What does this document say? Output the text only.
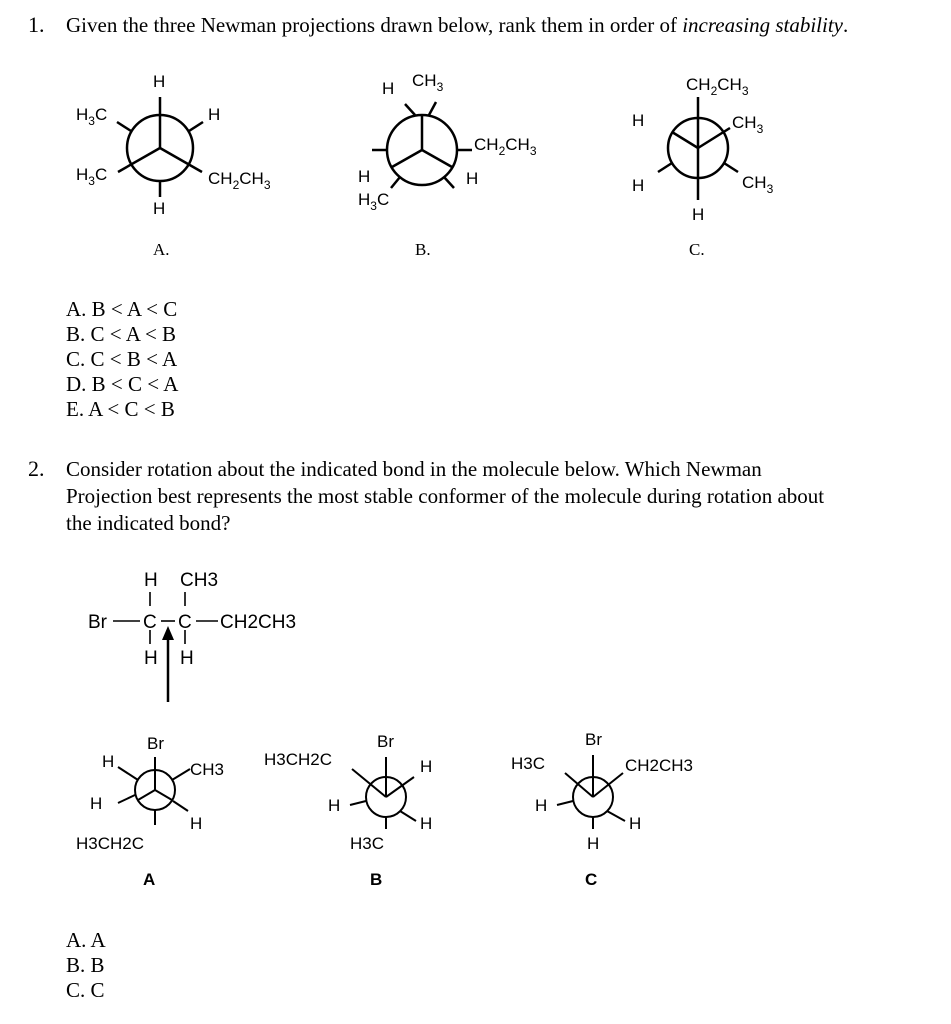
1. Given the three Newman projections drawn below, rank them in order of increasing stability.
H
$H_3C$	H
$H_3C$	$CH_2CH_3$
H
A.
H $CH_3$
H
$CH_2CH_3$
$H_3C$
H
B.
$CH_2CH_3$
H	$CH_3$
H	$CH_3$
H
C.
A. B < A < C
B. C < A < B
C. C < B < A
D. B < C < A
E. A < C < B
2. Consider rotation about the indicated bond in the molecule below. Which Newman
Projection best represents the most stable conformer of the molecule during rotation about
the indicated bond?
H CH3
Br C C CH2CH3
H H
Br
H	CH3
H
H
H3CH2C
A
Br
H3CH2C	H
H
H
H3C
B
Br
H3C	CH2CH3
H
H
H
C
A. A
B. B
C. C
